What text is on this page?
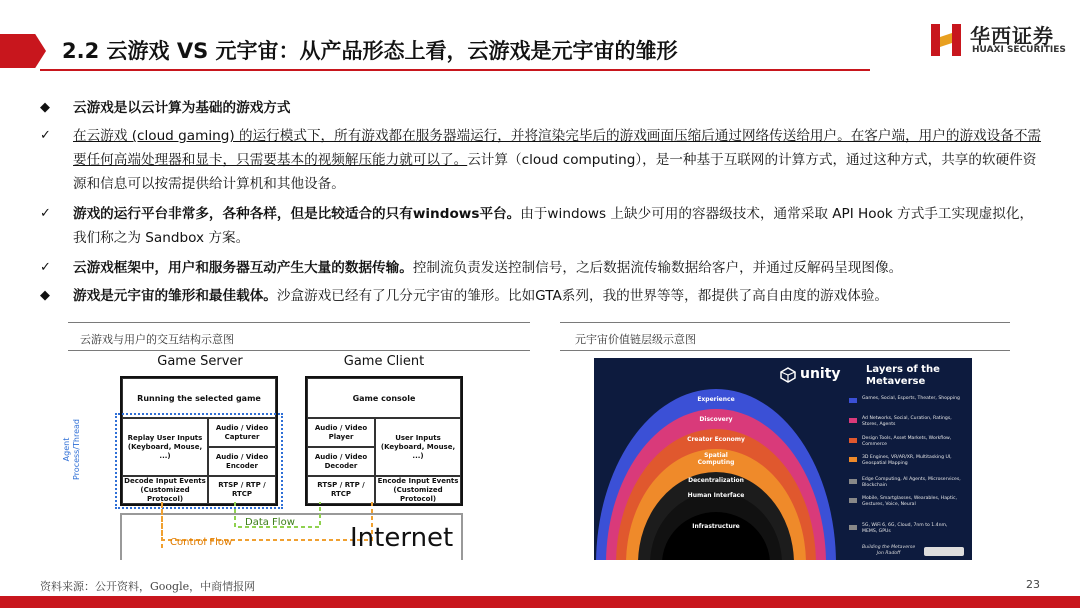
2.2 云游戏 VS 元宇宙：从产品形态上看，云游戏是元宇宙的雏形
华西证券
HUAXI SECURITIES
◆	云游戏是以云计算为基础的游戏方式
✓	在云游戏 (cloud gaming) 的运行模式下，所有游戏都在服务器端运行，并将渲染完毕后的游戏画面压缩后通过网络传送给用户。在客户端，用户的游戏设备不需要任何高端处理器和显卡，只需要基本的视频解压能力就可以了。云计算（cloud computing），是一种基于互联网的计算方式，通过这种方式，共享的软硬件资源和信息可以按需提供给计算机和其他设备。
✓	游戏的运行平台非常多，各种各样，但是比较适合的只有windows平台。由于windows 上缺少可用的容器级技术，通常采取 API Hook 方式手工实现虚拟化，我们称之为 Sandbox 方案。
✓	云游戏框架中，用户和服务器互动产生大量的数据传输。控制流负责发送控制信号，之后数据流传输数据给客户，并通过反解码呈现图像。
◆	游戏是元宇宙的雏形和最佳载体。沙盒游戏已经有了几分元宇宙的雏形。比如GTA系列，我的世界等等，都提供了高自由度的游戏体验。
云游戏与用户的交互结构示意图	元宇宙价值链层级示意图
Game Server	Game Client
Running the selected game
Replay User Inputs (Keyboard, Mouse, ...)
Audio / Video Capturer
Audio / Video Encoder
Decode Input Events (Customized Protocol)
RTSP / RTP / RTCP
Game console
Audio / Video Player
Audio / Video Decoder
User Inputs (Keyboard, Mouse, ...)
RTSP / RTP / RTCP
Encode Input Events (Customized Protocol)
Agent Process/Thread
Data Flow
Control Flow	Internet
Experience
Discovery
Creator Economy
Spatial Computing
Decentralization
Human Interface
Infrastructure
unity	Layers of the
Metaverse
Games, Social, Esports, Theater, Shopping
Ad Networks, Social, Curation, Ratings, Stores, Agents
Design Tools, Asset Markets, Workflow, Commerce
3D Engines, VR/AR/XR, Multitasking UI, Geospatial Mapping
Edge Computing, AI Agents, Microservices, Blockchain
Mobile, Smartglasses, Wearables, Haptic, Gestures, Voice, Neural
5G, WiFi 6, 6G, Cloud, 7nm to 1.4nm, MEMS, GPUs
Building the Metaverse
Jon Radoff
资料来源：公开资料，Google，中商情报网	23
